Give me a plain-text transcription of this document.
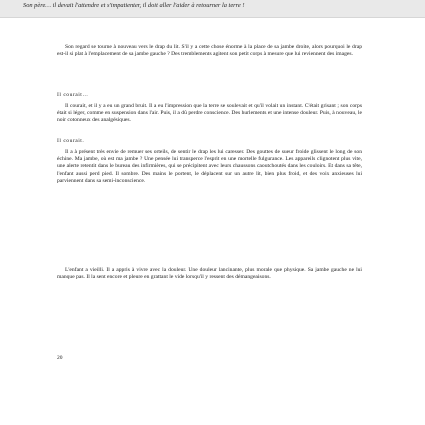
Son père… il devait l'attendre et s'impatienter, il doit aller l'aider à retourner la terre !

Son regard se tourne à nouveau vers le drap du lit. S'il y a cette chose énorme à la place de sa jambe droite, alors pourquoi le drap est-il si plat à l'emplacement de sa jambe gauche ? Des tremblements agitent son petit corps à mesure que lui reviennent des images.

Il courait…
Il courait.

Il courait, et il y a eu un grand bruit. Il a eu l'impression que la terre se soulevait et qu'il volait un instant. C'était grisant ; son corps était si léger, comme en suspension dans l'air. Puis, il a dû perdre conscience. Des hurlements et une intense douleur. Puis, à nouveau, le noir cotonneux des analgésiques.

Il a à présent très envie de remuer ses orteils, de sentir le drap les lui caresser. Des gouttes de sueur froide glissent le long de son échine. Ma jambe, où est ma jambe ? Une pensée lui transperce l'esprit en une mortelle fulgurance. Les appareils clignotent plus vite, une alerte retentit dans le bureau des infirmières, qui se précipitent avec leurs chaussons caoutchoutés dans les couloirs. Et dans sa tête, l'enfant aussi perd pied. Il sombre. Des mains le portent, le déplacent sur un autre lit, bien plus froid, et des voix anxieuses lui parviennent dans sa semi-inconscience.

L'enfant a vieilli. Il a appris à vivre avec la douleur. Une douleur lancinante, plus morale que physique. Sa jambe gauche ne lui manque pas. Il la sent encore et pleure en grattant le vide lorsqu'il y ressent des démangeaisons.

20
